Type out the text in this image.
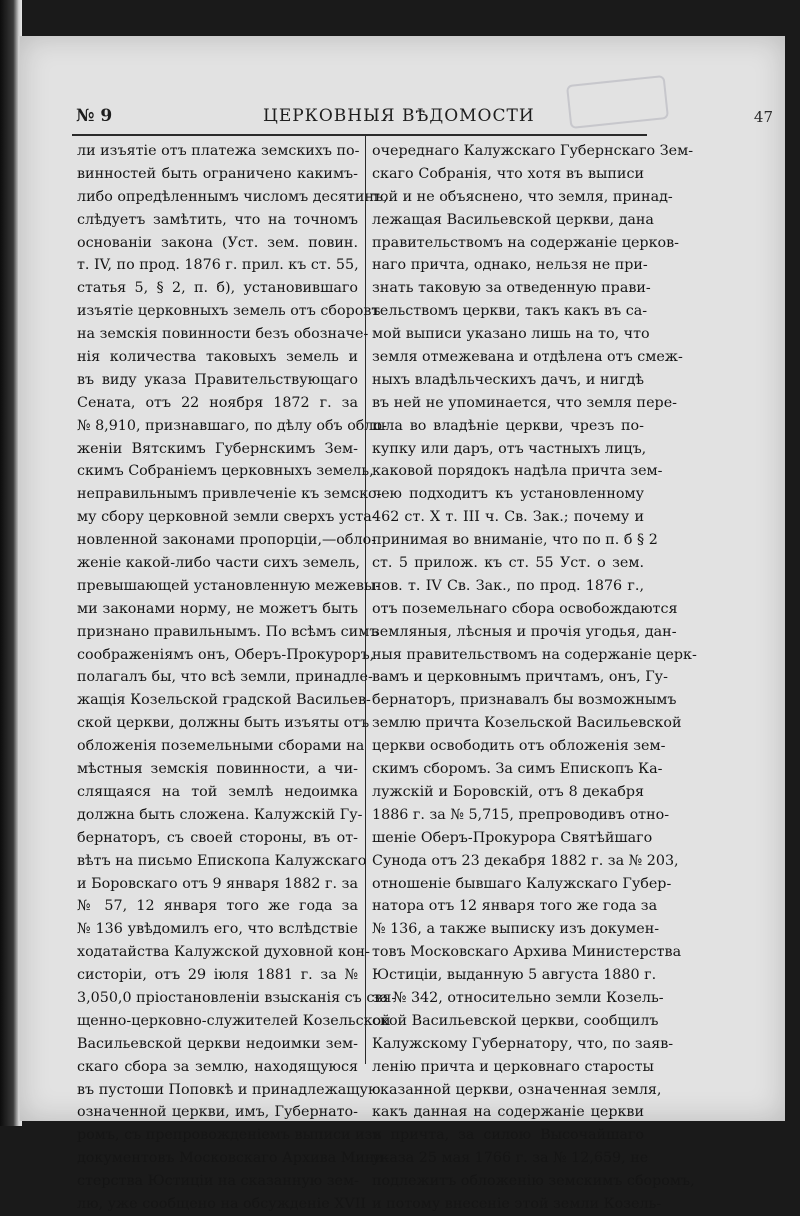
№ 9	ЦЕРКОВНЫЯ ВѢДОМОСТИ	47
ли изъятіе отъ платежа земскихъ по-
винностей быть ограничено какимъ-
либо опредѣленнымъ числомъ десятинъ,
слѣдуетъ замѣтить, что на точномъ
основаніи закона (Уст. зем. повин.
т. IV, по прод. 1876 г. прил. къ ст. 55,
статья 5, § 2, п. б), установившаго
изъятіе церковныхъ земель отъ сборовъ
на земскія повинности безъ обозначе-
нія количества таковыхъ земель и
въ виду указа Правительствующаго
Сената, отъ 22 ноября 1872 г. за
№ 8,910, признавшаго, по дѣлу объ обло-
женіи Вятскимъ Губернскимъ Зем-
скимъ Собраніемъ церковныхъ земель,
неправильнымъ привлеченіе къ земско-
му сбору церковной земли сверхъ уста-
новленной законами пропорціи,—обло-
женіе какой-либо части сихъ земель,
превышающей установленную межевы-
ми законами норму, не можетъ быть
признано правильнымъ. По всѣмъ симъ
соображеніямъ онъ, Оберъ-Прокуроръ,
полагалъ бы, что всѣ земли, принадле-
жащія Козельской градской Васильев-
ской церкви, должны быть изъяты отъ
обложенія поземельными сборами на
мѣстныя земскія повинности, а чи-
слящаяся на той землѣ недоимка
должна быть сложена. Калужскій Гу-
бернаторъ, съ своей стороны, въ от-
вѣтъ на письмо Епископа Калужскаго
и Боровскаго отъ 9 января 1882 г. за
№ 57, 12 января того же года за
№ 136 увѣдомилъ его, что вслѣдствіе
ходатайства Калужской духовной кон-
систоріи, отъ 29 іюля 1881 г. за №
3,050,0 пріостановленіи взысканія съ свя-
щенно-церковно-служителей Козельской
Васильевской церкви недоимки зем-
скаго сбора за землю, находящуюся
въ пустоши Поповкѣ и принадлежащую
означенной церкви, имъ, Губернато-
ромъ, съ препровожденіемъ выписи изъ
документовъ Московскаго Архива Мини-
стерства Юстиціи на сказанную зем-
лю, уже сообщено на обсужденіе XVII
очереднаго Калужскаго Губернскаго Зем-
скаго Собранія, что хотя въ выписи
той и не объяснено, что земля, принад-
лежащая Васильевской церкви, дана
правительствомъ на содержаніе церков-
наго причта, однако, нельзя не при-
знать таковую за отведенную прави-
тельствомъ церкви, такъ какъ въ са-
мой выписи указано лишь на то, что
земля отмежевана и отдѣлена отъ смеж-
ныхъ владѣльческихъ дачъ, и нигдѣ
въ ней не упоминается, что земля пере-
шла во владѣніе церкви, чрезъ по-
купку или даръ, отъ частныхъ лицъ,
каковой порядокъ надѣла причта зем-
лею подходитъ къ установленному
462 ст. Х т. III ч. Св. Зак.; почему и
принимая во вниманіе, что по п. б § 2
ст. 5 прилож. къ ст. 55 Уст. о зем.
пов. т. IV Св. Зак., по прод. 1876 г.,
отъ поземельнаго сбора освобождаются
земляныя, лѣсныя и прочія угодья, дан-
ныя правительствомъ на содержаніе церк-
вамъ и церковнымъ причтамъ, онъ, Гу-
бернаторъ, признавалъ бы возможнымъ
землю причта Козельской Васильевской
церкви освободить отъ обложенія зем-
скимъ сборомъ. За симъ Епископъ Ка-
лужскій и Боровскій, отъ 8 декабря
1886 г. за № 5,715, препроводивъ отно-
шеніе Оберъ-Прокурора Святѣйшаго
Сунода отъ 23 декабря 1882 г. за № 203,
отношеніе бывшаго Калужскаго Губер-
натора отъ 12 января того же года за
№ 136, а также выписку изъ докумен-
товъ Московскаго Архива Министерства
Юстиціи, выданную 5 августа 1880 г.
за № 342, относительно земли Козель-
ской Васильевской церкви, сообщилъ
Калужскому Губернатору, что, по заяв-
ленію причта и церковнаго старосты
сказанной церкви, означенная земля,
какъ данная на содержаніе церкви
и причта, за силою Высочайшаго
указа 25 мая 1766 г. за № 12,659, не
подлежитъ обложенію земскимъ сборомъ,
и потому внесеніе этой земли Козель-
